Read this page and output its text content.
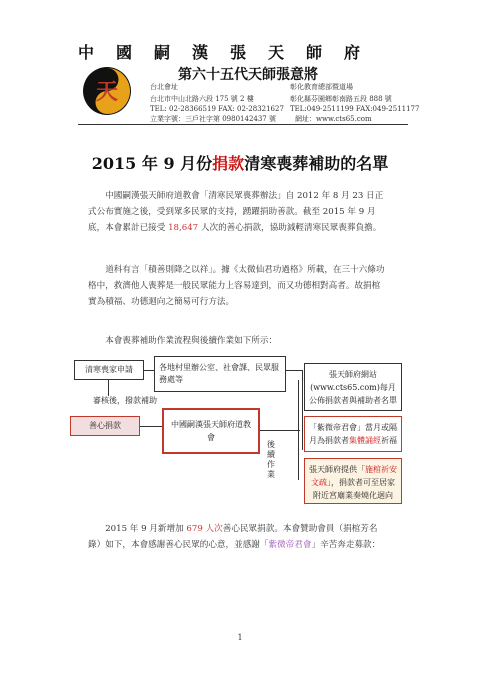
中國嗣漢張天師府
天
第六十五代天師張意將
台北會址
台北市中山北路六段 175 號 2 樓
TEL: 02-28366519 FAX: 02-28321627
彰化教育總部暨道場
彰化縣芬園鄉彰南路五段 888 號
TEL:049-2511199 FAX:049-2511177
立業字號：三戶社字第 0980142437 號	網址：www.cts65.com
2015 年 9 月份捐款清寒喪葬補助的名單
中國嗣漢張天師府道教會「清寒民眾喪葬辦法」自 2012 年 8 月 23 日正式公布實施之後，受到眾多民眾的支持，踴躍捐助善款。截至 2015 年 9 月底，本會累計已接受 18,647 人次的善心捐款，協助減輕清寒民眾喪葬負擔。
道科有言「積善則降之以祥」。據《太微仙君功過格》所載，在三十六條功格中，救濟他人喪葬是一般民眾能力上容易達到，而又功德相對高者。故捐棺實為積福、功德迴向之簡易可行方法。
本會喪葬補助作業流程與後續作業如下所示：
清寒喪家申請	各地村里辦公室、社會課、民眾服務處等
審核後，撥款補助
善心捐款	中國嗣漢張天師府道教會
後續作業
張天師府網站(www.cts65.com)每月公佈捐款者與補助者名單
「紫微帝君會」當月或隔月為捐款者集體誦經祈福
張天師府提供「施棺祈安文疏」，捐款者可至居家附近宮廟業奏燒化迴向
2015 年 9 月新增加 679 人次善心民眾捐款。本會贊助會員（捐棺芳名錄）如下，本會感謝善心民眾的心意，並感謝「紫微帝君會」辛苦奔走募款：
1
